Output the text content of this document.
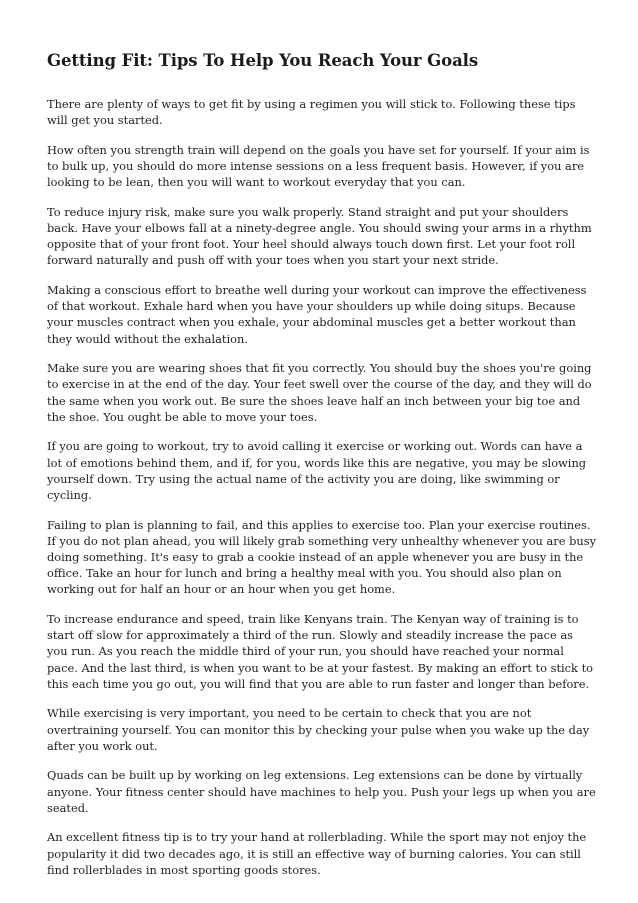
Getting Fit: Tips To Help You Reach Your Goals

There are plenty of ways to get fit by using a regimen you will stick to. Following these tips will get you started.

How often you strength train will depend on the goals you have set for yourself. If your aim is to bulk up, you should do more intense sessions on a less frequent basis. However, if you are looking to be lean, then you will want to workout everyday that you can.

To reduce injury risk, make sure you walk properly. Stand straight and put your shoulders back. Have your elbows fall at a ninety-degree angle. You should swing your arms in a rhythm opposite that of your front foot. Your heel should always touch down first. Let your foot roll forward naturally and push off with your toes when you start your next stride.

Making a conscious effort to breathe well during your workout can improve the effectiveness of that workout. Exhale hard when you have your shoulders up while doing situps. Because your muscles contract when you exhale, your abdominal muscles get a better workout than they would without the exhalation.

Make sure you are wearing shoes that fit you correctly. You should buy the shoes you're going to exercise in at the end of the day. Your feet swell over the course of the day, and they will do the same when you work out. Be sure the shoes leave half an inch between your big toe and the shoe. You ought be able to move your toes.

If you are going to workout, try to avoid calling it exercise or working out. Words can have a lot of emotions behind them, and if, for you, words like this are negative, you may be slowing yourself down. Try using the actual name of the activity you are doing, like swimming or cycling.

Failing to plan is planning to fail, and this applies to exercise too. Plan your exercise routines. If you do not plan ahead, you will likely grab something very unhealthy whenever you are busy doing something. It's easy to grab a cookie instead of an apple whenever you are busy in the office. Take an hour for lunch and bring a healthy meal with you. You should also plan on working out for half an hour or an hour when you get home.

To increase endurance and speed, train like Kenyans train. The Kenyan way of training is to start off slow for approximately a third of the run. Slowly and steadily increase the pace as you run. As you reach the middle third of your run, you should have reached your normal pace. And the last third, is when you want to be at your fastest. By making an effort to stick to this each time you go out, you will find that you are able to run faster and longer than before.

While exercising is very important, you need to be certain to check that you are not overtraining yourself. You can monitor this by checking your pulse when you wake up the day after you work out.

Quads can be built up by working on leg extensions. Leg extensions can be done by virtually anyone. Your fitness center should have machines to help you. Push your legs up when you are seated.

An excellent fitness tip is to try your hand at rollerblading. While the sport may not enjoy the popularity it did two decades ago, it is still an effective way of burning calories. You can still find rollerblades in most sporting goods stores.
